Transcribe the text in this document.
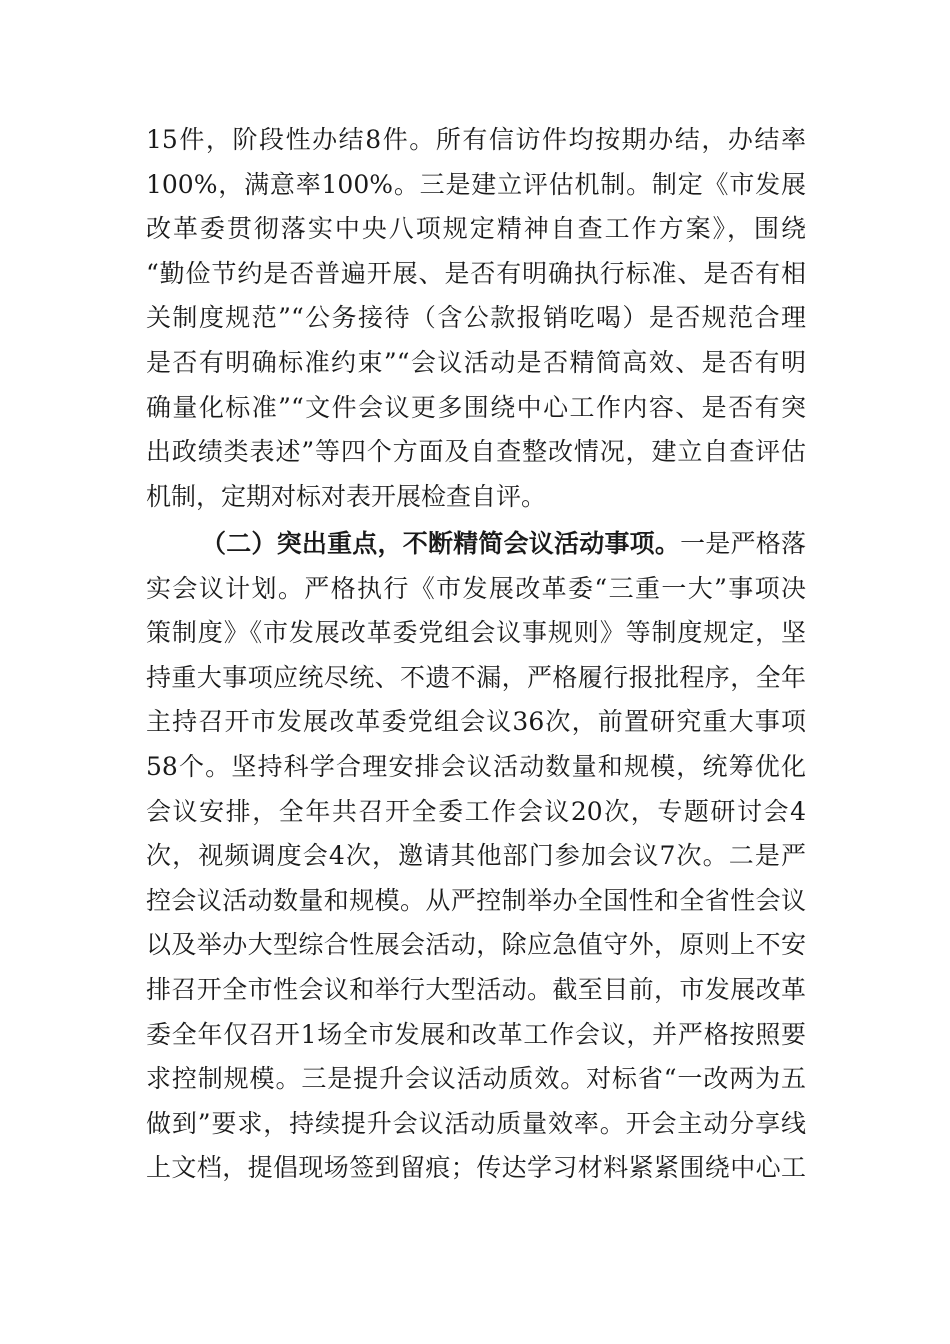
15件，阶段性办结8件。所有信访件均按期办结，办结率
100%，满意率100%。三是建立评估机制。制定《市发展
改革委贯彻落实中央八项规定精神自查工作方案》，围绕
“勤俭节约是否普遍开展、是否有明确执行标准、是否有相
关制度规范”“公务接待（含公款报销吃喝）是否规范合理
是否有明确标准约束”“会议活动是否精简高效、是否有明
确量化标准”“文件会议更多围绕中心工作内容、是否有突
出政绩类表述”等四个方面及自查整改情况，建立自查评估
机制，定期对标对表开展检查自评。
（二）突出重点，不断精简会议活动事项。一是严格落
实会议计划。严格执行《市发展改革委“三重一大”事项决
策制度》《市发展改革委党组会议事规则》等制度规定，坚
持重大事项应统尽统、不遗不漏，严格履行报批程序，全年
主持召开市发展改革委党组会议36次，前置研究重大事项
58个。坚持科学合理安排会议活动数量和规模，统筹优化
会议安排，全年共召开全委工作会议20次，专题研讨会4
次，视频调度会4次，邀请其他部门参加会议7次。二是严
控会议活动数量和规模。从严控制举办全国性和全省性会议
以及举办大型综合性展会活动，除应急值守外，原则上不安
排召开全市性会议和举行大型活动。截至目前，市发展改革
委全年仅召开1场全市发展和改革工作会议，并严格按照要
求控制规模。三是提升会议活动质效。对标省“一改两为五
做到”要求，持续提升会议活动质量效率。开会主动分享线
上文档，提倡现场签到留痕；传达学习材料紧紧围绕中心工
